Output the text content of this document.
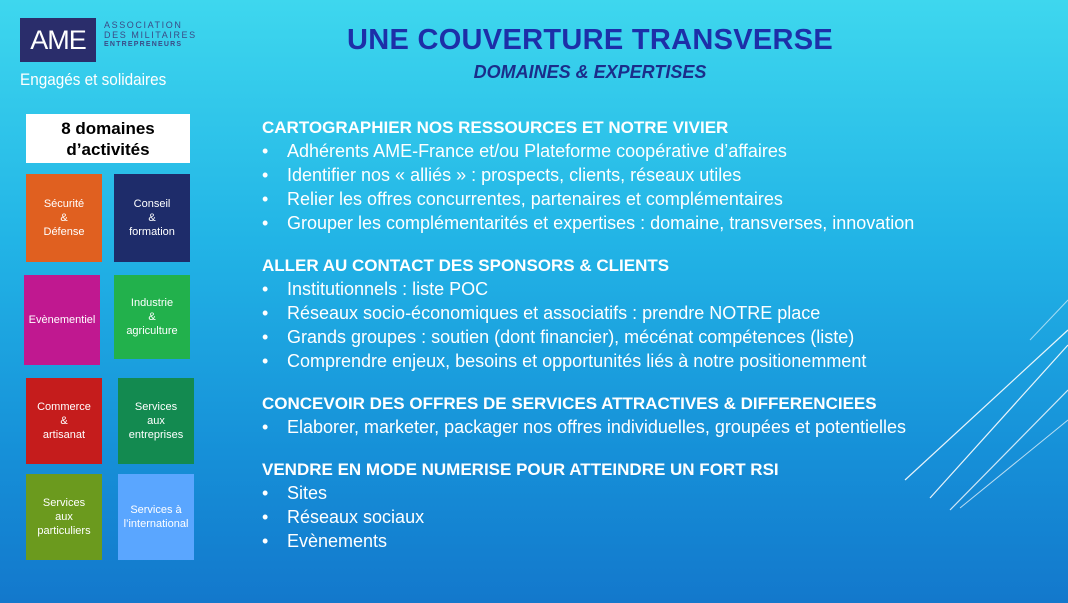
AME ASSOCIATION
DES MILITAIRES
ENTREPRENEURS
Engagés et solidaires
UNE COUVERTURE TRANSVERSE
DOMAINES & EXPERTISES
8 domaines d’activités
Sécurité
&
Défense
Conseil
&
formation
Evènementiel
Industrie
&
agriculture
Commerce
&
artisanat
Services
aux
entreprises
Services
aux
particuliers
Services à
l’international
CARTOGRAPHIER NOS RESSOURCES ET NOTRE VIVIER
• Adhérents AME-France et/ou Plateforme coopérative d’affaires
• Identifier nos « alliés » : prospects, clients, réseaux utiles
• Relier les offres concurrentes, partenaires et complémentaires
• Grouper les complémentarités et expertises : domaine, transverses, innovation
ALLER AU CONTACT DES SPONSORS & CLIENTS
• Institutionnels : liste POC
• Réseaux socio-économiques et associatifs : prendre NOTRE place
• Grands groupes : soutien (dont financier), mécénat compétences (liste)
• Comprendre enjeux, besoins et opportunités liés à notre positionemment
CONCEVOIR DES OFFRES DE SERVICES ATTRACTIVES & DIFFERENCIEES
• Elaborer, marketer, packager nos offres individuelles, groupées et potentielles
VENDRE EN MODE NUMERISE POUR ATTEINDRE UN FORT RSI
• Sites
• Réseaux sociaux
• Evènements
